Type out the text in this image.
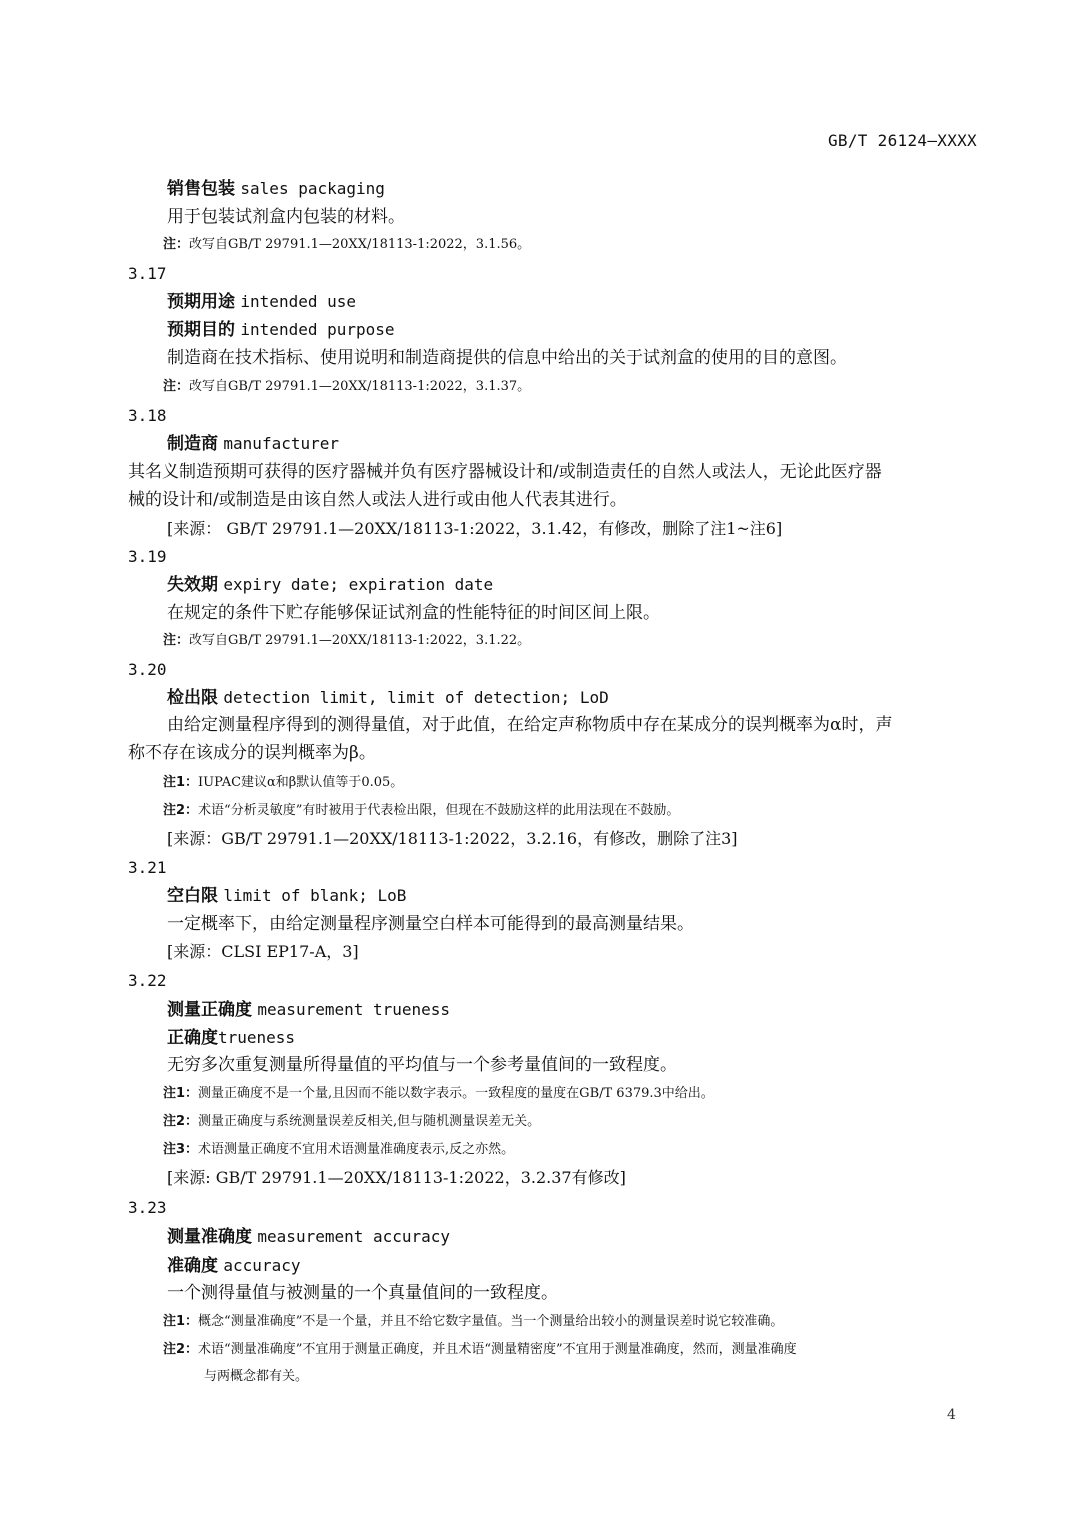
GB/T 26124—XXXX
销售包装 sales packaging
用于包装试剂盒内包装的材料。
注：改写自GB/T 29791.1—20XX/18113-1:2022，3.1.56。
3.17
预期用途 intended use
预期目的 intended purpose
制造商在技术指标、使用说明和制造商提供的信息中给出的关于试剂盒的使用的目的意图。
注：改写自GB/T 29791.1—20XX/18113-1:2022，3.1.37。
3.18
制造商 manufacturer
其名义制造预期可获得的医疗器械并负有医疗器械设计和/或制造责任的自然人或法人，无论此医疗器
械的设计和/或制造是由该自然人或法人进行或由他人代表其进行。
[来源： GB/T 29791.1—20XX/18113-1:2022，3.1.42，有修改，删除了注1~注6]
3.19
失效期 expiry date; expiration date
在规定的条件下贮存能够保证试剂盒的性能特征的时间区间上限。
注：改写自GB/T 29791.1—20XX/18113-1:2022，3.1.22。
3.20
检出限 detection limit, limit of detection; LoD
由给定测量程序得到的测得量值，对于此值，在给定声称物质中存在某成分的误判概率为α时，声
称不存在该成分的误判概率为β。
注1：IUPAC建议α和β默认值等于0.05。
注2：术语“分析灵敏度”有时被用于代表检出限，但现在不鼓励这样的此用法现在不鼓励。
[来源：GB/T 29791.1—20XX/18113-1:2022，3.2.16，有修改，删除了注3]
3.21
空白限 limit of blank; LoB
一定概率下，由给定测量程序测量空白样本可能得到的最高测量结果。
[来源：CLSI EP17-A，3]
3.22
测量正确度 measurement trueness
正确度trueness
无穷多次重复测量所得量值的平均值与一个参考量值间的一致程度。
注1：测量正确度不是一个量,且因而不能以数字表示。一致程度的量度在GB/T 6379.3中给出。
注2：测量正确度与系统测量误差反相关,但与随机测量误差无关。
注3：术语测量正确度不宜用术语测量准确度表示,反之亦然。
[来源: GB/T 29791.1—20XX/18113-1:2022，3.2.37有修改]
3.23
测量准确度 measurement accuracy
准确度 accuracy
一个测得量值与被测量的一个真量值间的一致程度。
注1：概念“测量准确度”不是一个量，并且不给它数字量值。当一个测量给出较小的测量误差时说它较准确。
注2：术语“测量准确度”不宜用于测量正确度，并且术语“测量精密度”不宜用于测量准确度，然而，测量准确度
与两概念都有关。
4
